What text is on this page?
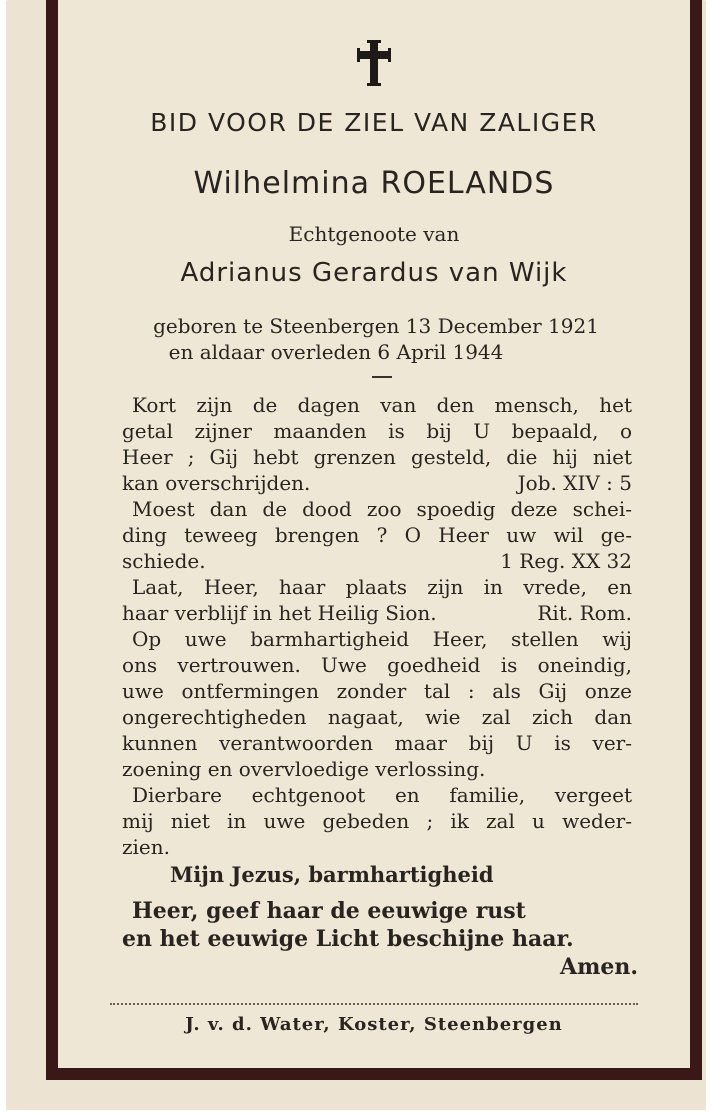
BID VOOR DE ZIEL VAN ZALIGER
Wilhelmina ROELANDS
Echtgenoote van
Adrianus Gerardus van Wijk
geboren te Steenbergen 13 December 1921
en aldaar overleden 6 April 1944
Kort zijn de dagen van den mensch, het
getal zijner maanden is bij U bepaald, o
Heer ; Gij hebt grenzen gesteld, die hij niet
kan overschrijden.	Job. XIV : 5
Moest dan de dood zoo spoedig deze schei-
ding teweeg brengen ? O Heer uw wil ge-
schiede.	1 Reg. XX 32
Laat, Heer, haar plaats zijn in vrede, en
haar verblijf in het Heilig Sion.	Rit. Rom.
Op uwe barmhartigheid Heer, stellen wij
ons vertrouwen. Uwe goedheid is oneindig,
uwe ontfermingen zonder tal : als Gij onze
ongerechtigheden nagaat, wie zal zich dan
kunnen verantwoorden maar bij U is ver-
zoening en overvloedige verlossing.
Dierbare echtgenoot en familie, vergeet
mij niet in uwe gebeden ; ik zal u weder-
zien.
Mijn Jezus, barmhartigheid
Heer, geef haar de eeuwige rust
en het eeuwige Licht beschijne haar.
Amen.
J. v. d. Water, Koster, Steenbergen
